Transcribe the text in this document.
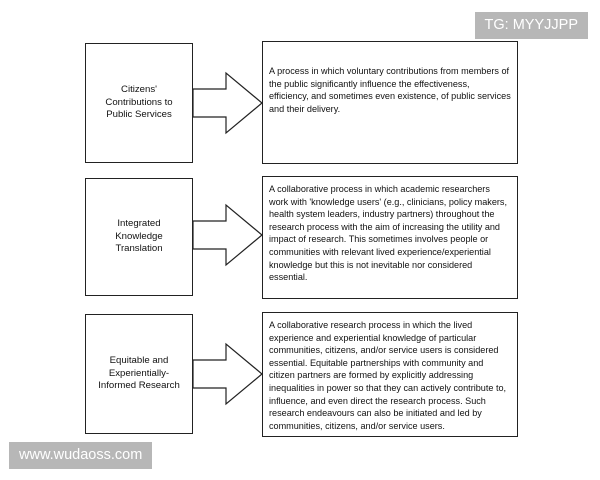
Citizens' Contributions to Public Services
A process in which voluntary contributions from members of the public significantly influence the effectiveness, efficiency, and sometimes even existence, of public services and their delivery.
Integrated Knowledge Translation
A collaborative process in which academic researchers work with 'knowledge users' (e.g., clinicians, policy makers, health system leaders, industry partners) throughout the research process with the aim of increasing the utility and impact of research. This sometimes involves people or communities with relevant lived experience/experiential knowledge but this is not inevitable nor considered essential.
Equitable and Experientially-Informed Research
A collaborative research process in which the lived experience and experiential knowledge of particular communities, citizens, and/or service users is considered essential. Equitable partnerships with community and citizen partners are formed by explicitly addressing inequalities in power so that they can actively contribute to, influence, and even direct the research process. Such research endeavours can also be initiated and led by communities, citizens, and/or service users.
TG: MYYJJPP
www.wudaoss.com
